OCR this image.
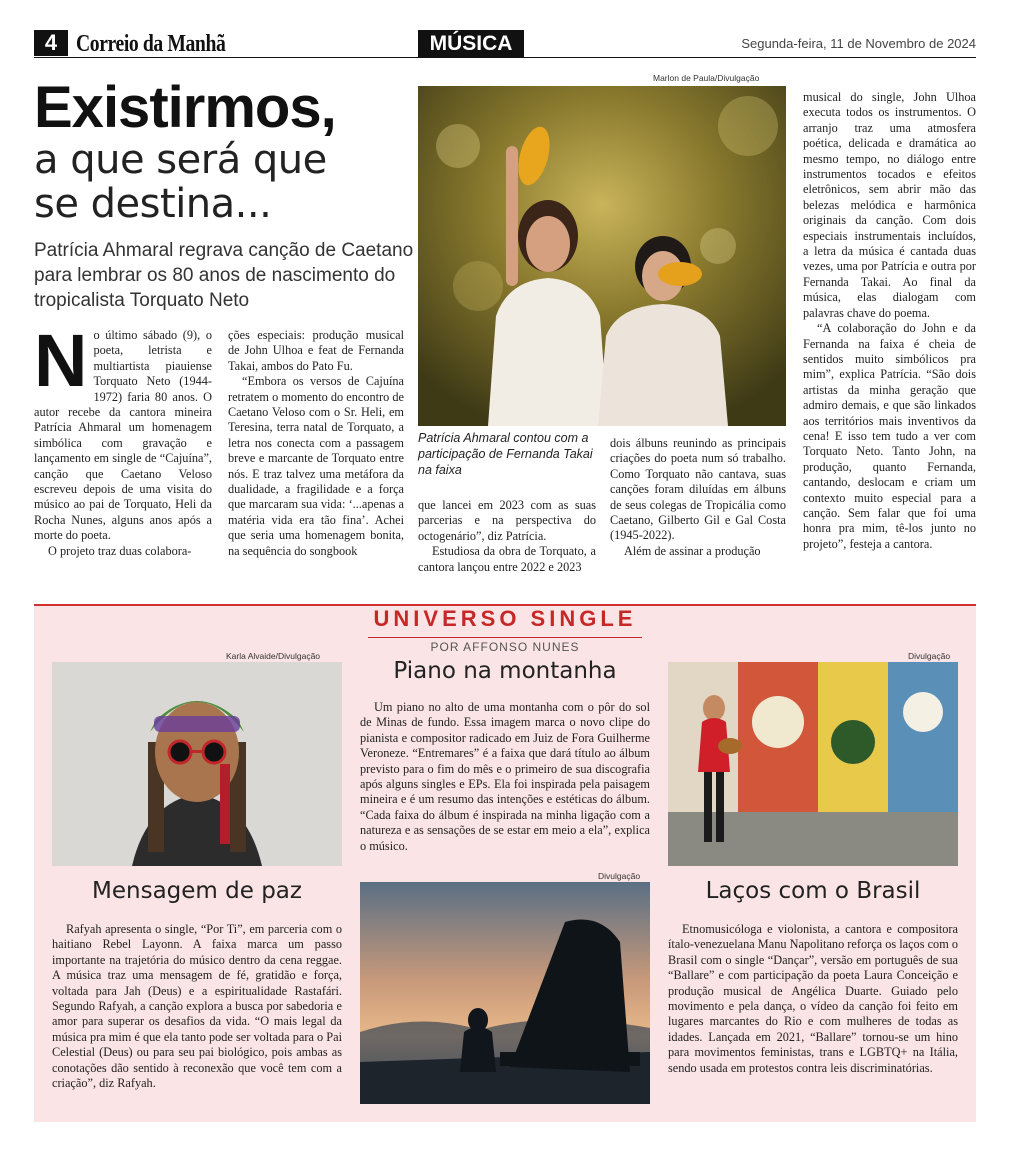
4 Correio da Manhã	MÚSICA	Segunda-feira, 11 de Novembro de 2024
Existirmos,
a que será que
se destina...
Patrícia Ahmaral regrava canção de Caetano para lembrar os 80 anos de nascimento do tropicalista Torquato Neto
N o último sábado (9), o poeta, letrista e multiartista piauiense Torquato Neto (1944-1972) faria 80 anos. O autor recebe da cantora mineira Patrícia Ahmaral um homenagem simbólica com gravação e lançamento em single de “Cajuína”, canção que Caetano Veloso escreveu depois de uma visita do músico ao pai de Torquato, Heli da Rocha Nunes, alguns anos após a morte do poeta.

O projeto traz duas colabora-

ções especiais: produção musical de John Ulhoa e feat de Fernanda Takai, ambos do Pato Fu.

“Embora os versos de Cajuína retratem o momento do encontro de Caetano Veloso com o Sr. Heli, em Teresina, terra natal de Torquato, a letra nos conecta com a passagem breve e marcante de Torquato entre nós. E traz talvez uma metáfora da dualidade, a fragilidade e a força que marcaram sua vida: ‘...apenas a matéria vida era tão fina’. Achei que seria uma homenagem bonita, na sequência do songbook

Marlon de Paula/Divulgação
Patrícia Ahmaral contou com a participação de Fernanda Takai na faixa

que lancei em 2023 com as suas parcerias e na perspectiva do octogenário”, diz Patrícia.

Estudiosa da obra de Torquato, a cantora lançou entre 2022 e 2023

dois álbuns reunindo as principais criações do poeta num só trabalho. Como Torquato não cantava, suas canções foram diluídas em álbuns de seus colegas de Tropicália como Caetano, Gilberto Gil e Gal Costa (1945-2022).

Além de assinar a produção

musical do single, John Ulhoa executa todos os instrumentos. O arranjo traz uma atmosfera poética, delicada e dramática ao mesmo tempo, no diálogo entre instrumentos tocados e efeitos eletrônicos, sem abrir mão das belezas melódica e harmônica originais da canção. Com dois especiais instrumentais incluídos, a letra da música é cantada duas vezes, uma por Patrícia e outra por Fernanda Takai. Ao final da música, elas dialogam com palavras chave do poema.

“A colaboração do John e da Fernanda na faixa é cheia de sentidos muito simbólicos pra mim”, explica Patrícia. “São dois artistas da minha geração que admiro demais, e que são linkados aos territórios mais inventivos da cena! E isso tem tudo a ver com Torquato Neto. Tanto John, na produção, quanto Fernanda, cantando, deslocam e criam um contexto muito especial para a canção. Sem falar que foi uma honra pra mim, tê-los junto no projeto”, festeja a cantora.

UNIVERSO SINGLE
POR AFFONSO NUNES
Karla Alvaide/Divulgação
Mensagem de paz

Rafyah apresenta o single, “Por Ti”, em parceria com o haitiano Rebel Layonn. A faixa marca um passo importante na trajetória do músico dentro da cena reggae. A música traz uma mensagem de fé, gratidão e força, voltada para Jah (Deus) e a espiritualidade Rastafári. Segundo Rafyah, a canção explora a busca por sabedoria e amor para superar os desafios da vida. “O mais legal da música pra mim é que ela tanto pode ser voltada para o Pai Celestial (Deus) ou para seu pai biológico, pois ambas as conotações dão sentido à reconexão que você tem com a criação”, diz Rafyah.

Piano na montanha

Um piano no alto de uma montanha com o pôr do sol de Minas de fundo. Essa imagem marca o novo clipe do pianista e compositor radicado em Juiz de Fora Guilherme Veroneze. “Entremares” é a faixa que dará título ao álbum previsto para o fim do mês e o primeiro de sua discografia após alguns singles e EPs. Ela foi inspirada pela paisagem mineira e é um resumo das intenções e estéticas do álbum. “Cada faixa do álbum é inspirada na minha ligação com a natureza e as sensações de se estar em meio a ela”, explica o músico.

Divulgação
Divulgação
Laços com o Brasil

Etnomusicóloga e violonista, a cantora e compositora ítalo-venezuelana Manu Napolitano reforça os laços com o Brasil com o single “Dançar”, versão em português de sua “Ballare” e com participação da poeta Laura Conceição e produção musical de Angélica Duarte. Guiado pelo movimento e pela dança, o vídeo da canção foi feito em lugares marcantes do Rio e com mulheres de todas as idades. Lançada em 2021, “Ballare” tornou-se um hino para movimentos feministas, trans e LGBTQ+ na Itália, sendo usada em protestos contra leis discriminatórias.
